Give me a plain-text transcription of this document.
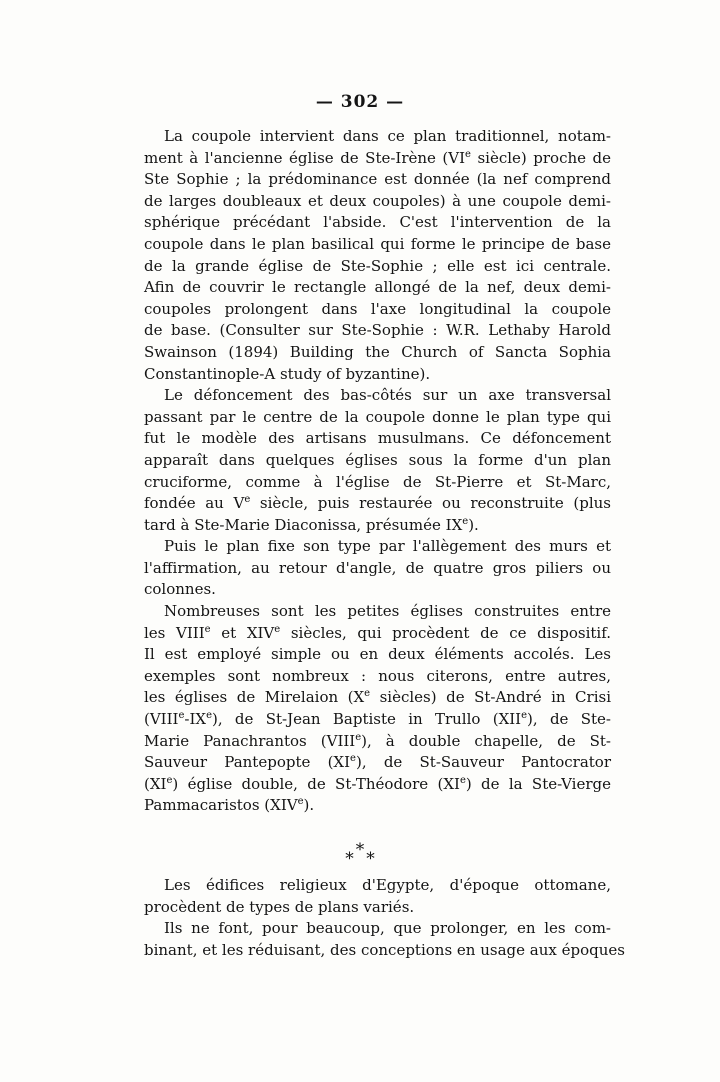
— 302 —

La coupole intervient dans ce plan traditionnel, notam-
ment à l'ancienne église de Ste-Irène (VIe siècle) proche de
Ste Sophie ; la prédominance est donnée (la nef comprend
de larges doubleaux et deux coupoles) à une coupole demi-
sphérique précédant l'abside. C'est l'intervention de la
coupole dans le plan basilical qui forme le principe de base
de la grande église de Ste-Sophie ; elle est ici centrale.
Afin de couvrir le rectangle allongé de la nef, deux demi-
coupoles prolongent dans l'axe longitudinal la coupole
de base. (Consulter sur Ste-Sophie : W.R. Lethaby Harold
Swainson (1894) Building the Church of Sancta Sophia
Constantinople-A study of byzantine).

Le défoncement des bas-côtés sur un axe transversal
passant par le centre de la coupole donne le plan type qui
fut le modèle des artisans musulmans. Ce défoncement
apparaît dans quelques églises sous la forme d'un plan
cruciforme, comme à l'église de St-Pierre et St-Marc,
fondée au Ve siècle, puis restaurée ou reconstruite (plus
tard à Ste-Marie Diaconissa, présumée IXe).

Puis le plan fixe son type par l'allègement des murs et
l'affirmation, au retour d'angle, de quatre gros piliers ou
colonnes.

Nombreuses sont les petites églises construites entre
les VIIIe et XIVe siècles, qui procèdent de ce dispositif.
Il est employé simple ou en deux éléments accolés. Les
exemples sont nombreux : nous citerons, entre autres,
les églises de Mirelaion (Xe siècles) de St-André in Crisi
(VIIIe-IXe), de St-Jean Baptiste in Trullo (XIIe), de Ste-
Marie Panachrantos (VIIIe), à double chapelle, de St-
Sauveur Pantepopte (XIe), de St-Sauveur Pantocrator
(XIe) église double, de St-Théodore (XIe) de la Ste-Vierge
Pammacaristos (XIVe).

* * *

Les édifices religieux d'Egypte, d'époque ottomane,
procèdent de types de plans variés.

Ils ne font, pour beaucoup, que prolonger, en les com-
binant, et les réduisant, des conceptions en usage aux époques
